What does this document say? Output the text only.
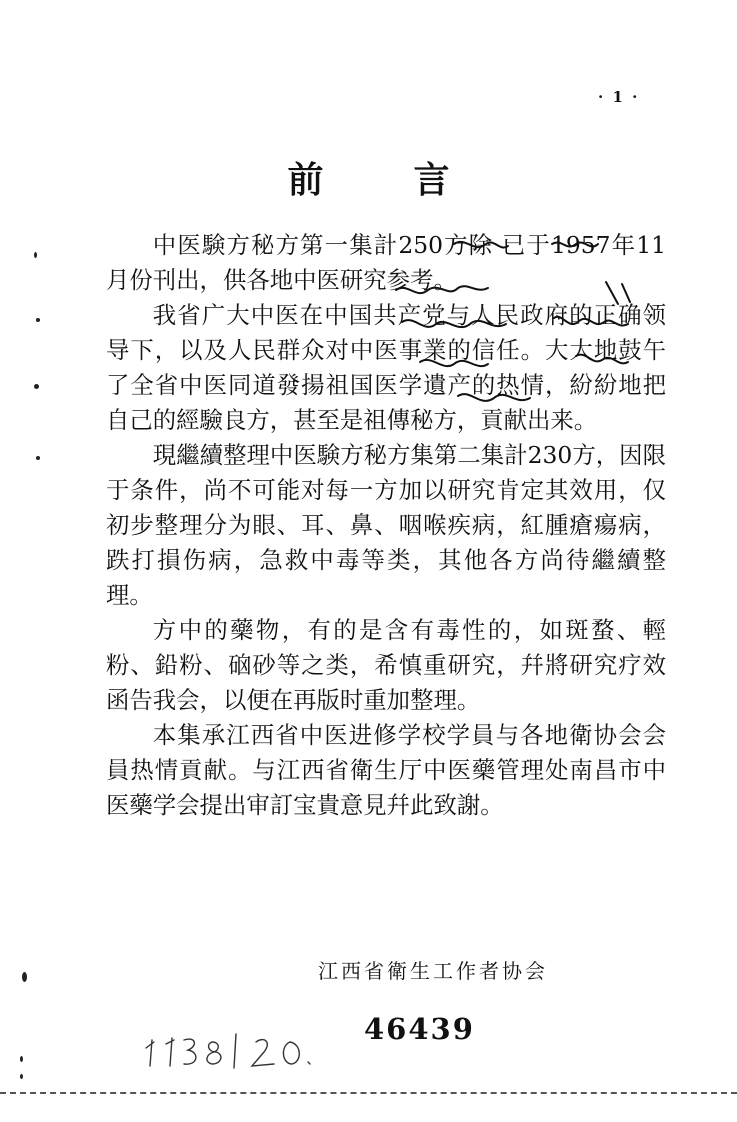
· 1 ·
前言

中医験方秘方第一集計250方除 已于1957年11月份刊出，供各地中医研究参考。

我省广大中医在中国共产党与人民政府的正确领导下，以及人民群众对中医事業的信任。大大地鼓午了全省中医同道發揚祖国医学遺产的热情，紛紛地把自己的經驗良方，甚至是祖傳秘方，貢献出来。

現繼續整理中医験方秘方集第二集計230方，因限于条件，尚不可能对每一方加以研究肯定其效用，仅初步整理分为眼、耳、鼻、咽喉疾病，紅腫瘡瘍病，跌打損伤病，急救中毒等类，其他各方尚待繼續整理。

方中的藥物，有的是含有毒性的，如斑蝥、輕粉、鉛粉、硇砂等之类，希慎重研究，幷將研究疗效函告我会，以便在再版时重加整理。

本集承江西省中医进修学校学員与各地衛协会会員热情貢献。与江西省衛生厅中医藥管理处南昌市中医藥学会提出审訂宝貴意見幷此致謝。

江西省衛生工作者协会
46439
